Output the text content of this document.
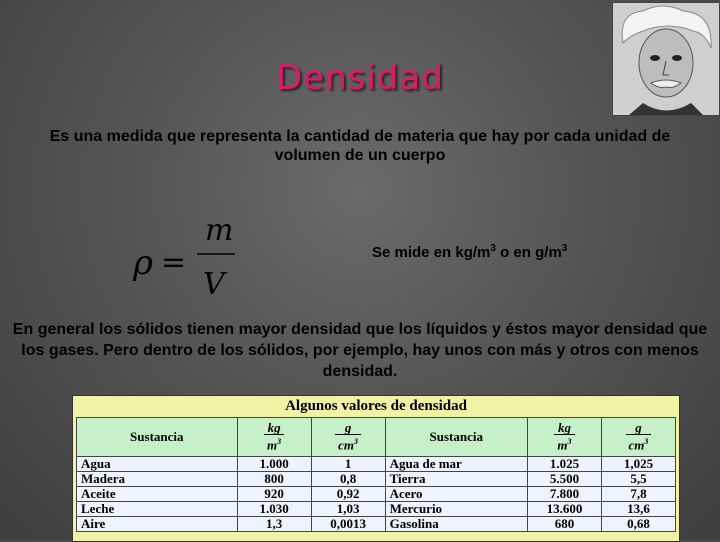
Densidad
Es una medida que representa la cantidad de materia que hay por cada unidad de volumen de un cuerpo
ρ =
m
V
Se mide en $kg/m^3$ o en $g/m^3$
En general los sólidos tienen mayor densidad que los líquidos y éstos mayor densidad que los gases. Pero dentro de los sólidos, por ejemplo, hay unos con más y otros con menos densidad.
Algunos valores de densidad
Sustancia	$\frac{kg}{m^3}$	$\frac{g}{cm^3}$	Sustancia	$\frac{kg}{m^3}$	$\frac{g}{cm^3}$

Agua	1.000	1	Agua de mar	1.025	1,025
Madera	800	0,8	Tierra	5.500	5,5
Aceite	920	0,92	Acero	7.800	7,8
Leche	1.030	1,03	Mercurio	13.600	13,6
Aire	1,3	0,0013	Gasolina	680	0,68
